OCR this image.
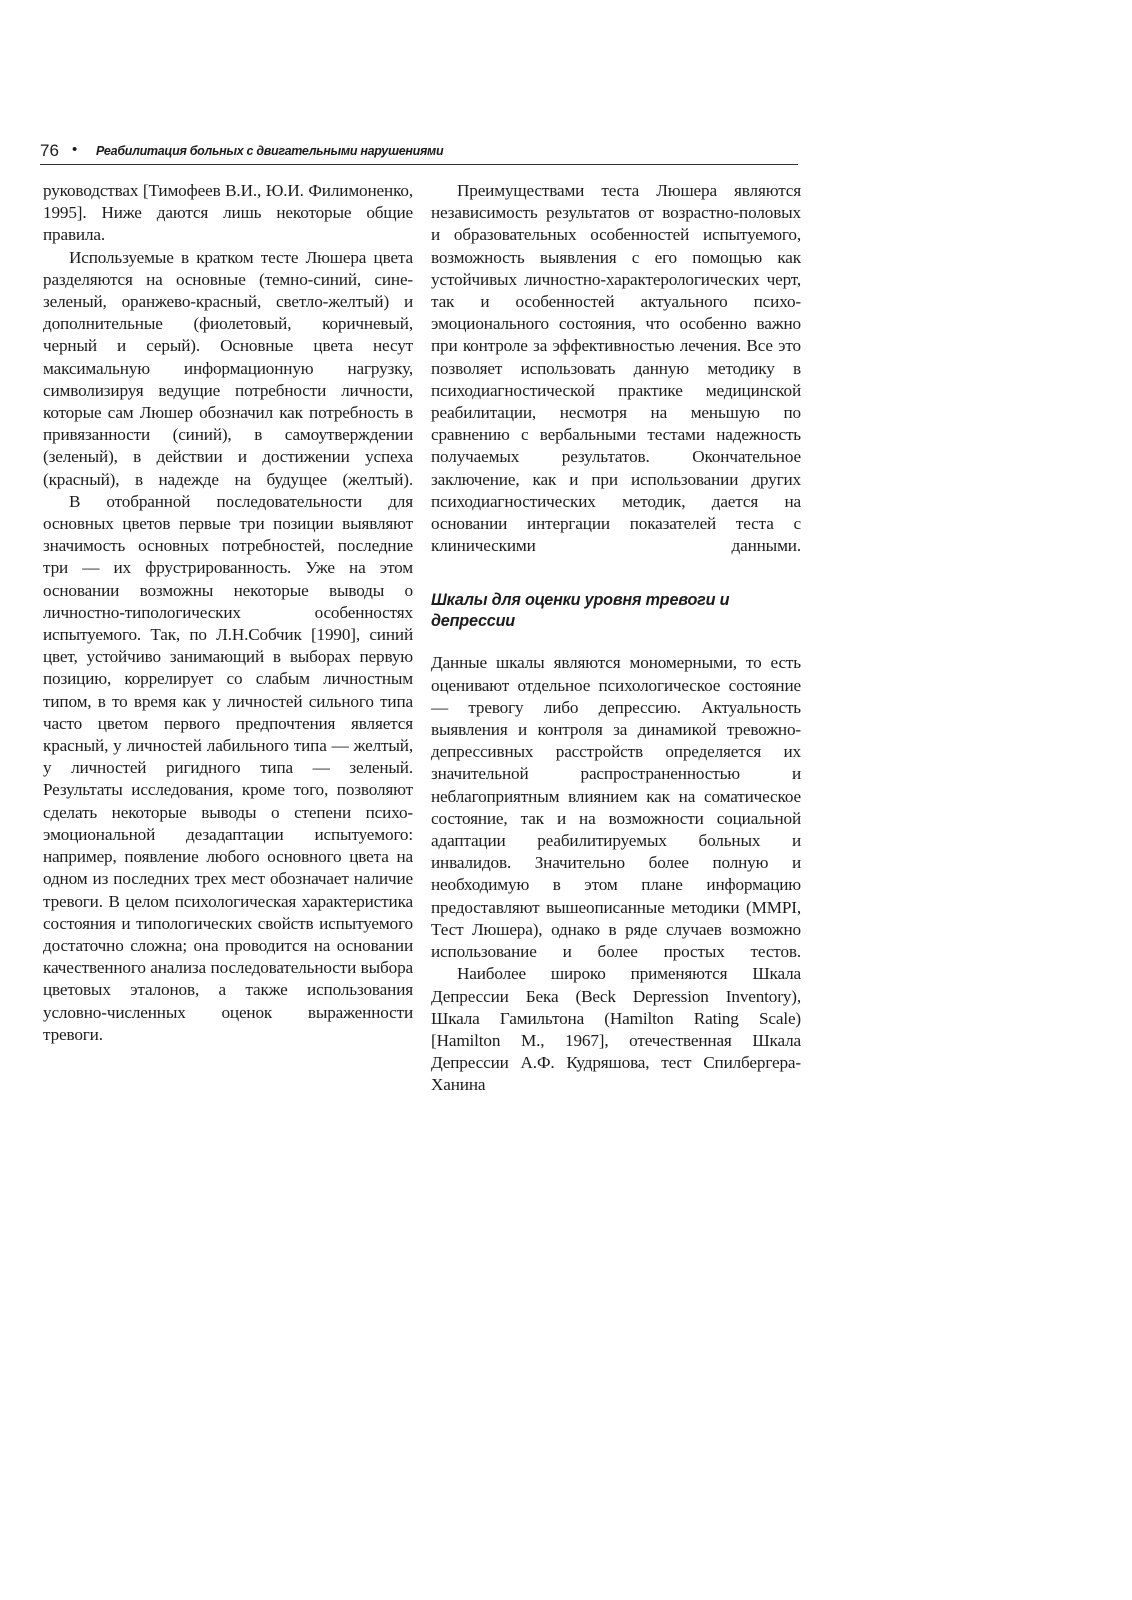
76 • Реабилитация больных с двигательными нарушениями

руководствах [Тимофеев В.И., Ю.И. Филимоненко, 1995]. Ниже даются лишь некоторые общие правила.

Используемые в кратком тесте Люшера цвета разделяются на основные (темно-синий, сине-зеленый, оранжево-красный, светло-желтый) и дополнительные (фиолетовый, коричневый, черный и серый). Основные цвета несут максимальную информационную нагрузку, символизируя ведущие потребности личности, которые сам Люшер обозначил как потребность в привязанности (синий), в самоутверждении (зеленый), в действии и достижении успеха (красный), в надежде на будущее (желтый).

В отобранной последовательности для основных цветов первые три позиции выявляют значимость основных потребностей, последние три — их фрустрированность. Уже на этом основании возможны некоторые выводы о личностно-типологических особенностях испытуемого. Так, по Л.Н.Собчик [1990], синий цвет, устойчиво занимающий в выборах первую позицию, коррелирует со слабым личностным типом, в то время как у личностей сильного типа часто цветом первого предпочтения является красный, у личностей лабильного типа — желтый, у личностей ригидного типа — зеленый. Результаты исследования, кроме того, позволяют сделать некоторые выводы о степени психо-эмоциональной дезадаптации испытуемого: например, появление любого основного цвета на одном из последних трех мест обозначает наличие тревоги. В целом психологическая характеристика состояния и типологических свойств испытуемого достаточно сложна; она проводится на основании качественного анализа последовательности выбора цветовых эталонов, а также использования условно-численных оценок выраженности тревоги.

Преимуществами теста Люшера являются независимость результатов от возрастно-половых и образовательных особенностей испытуемого, возможность выявления с его помощью как устойчивых личностно-характерологических черт, так и особенностей актуального психо-эмоционального состояния, что особенно важно при контроле за эффективностью лечения. Все это позволяет использовать данную методику в психодиагностической практике медицинской реабилитации, несмотря на меньшую по сравнению с вербальными тестами надежность получаемых результатов. Окончательное заключение, как и при использовании других психодиагностических методик, дается на основании интергации показателей теста с клиническими данными.

Шкалы для оценки уровня тревоги и депрессии

Данные шкалы являются мономерными, то есть оценивают отдельное психологическое состояние — тревогу либо депрессию. Актуальность выявления и контроля за динамикой тревожно-депрессивных расстройств определяется их значительной распространенностью и неблагоприятным влиянием как на соматическое состояние, так и на возможности социальной адаптации реабилитируемых больных и инвалидов. Значительно более полную и необходимую в этом плане информацию предоставляют вышеописанные методики (MMPI, Тест Люшера), однако в ряде случаев возможно использование и более простых тестов.

Наиболее широко применяются Шкала Депрессии Бека (Beck Depression Inventory), Шкала Гамильтона (Hamilton Rating Scale) [Hamilton M., 1967], отечественная Шкала Депрессии А.Ф. Кудряшова, тест Спилбергера-Ханина
